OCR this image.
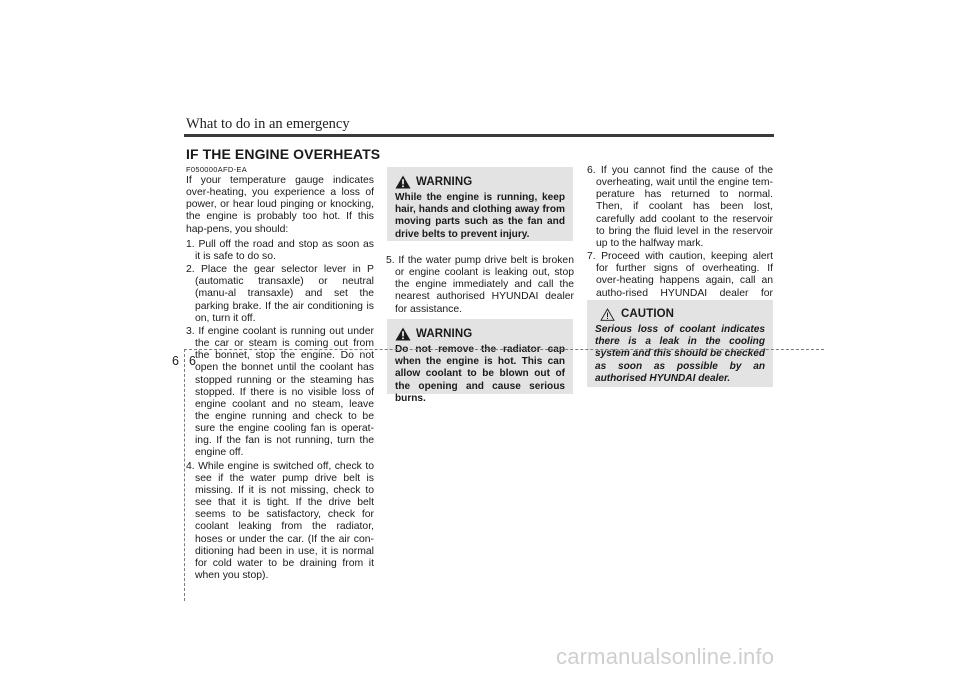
What to do in an emergency
IF THE ENGINE OVERHEATS

F050000AFD-EA

If your temperature gauge indicates over-heating, you experience a loss of power, or hear loud pinging or knocking, the engine is probably too hot. If this hap-pens, you should:

1. Pull off the road and stop as soon as it is safe to do so.
2. Place the gear selector lever in P (automatic transaxle) or neutral (manu-al transaxle) and set the parking brake. If the air conditioning is on, turn it off.
3. If engine coolant is running out under the car or steam is coming out from the bonnet, stop the engine. Do not open the bonnet until the coolant has stopped running or the steaming has stopped. If there is no visible loss of engine coolant and no steam, leave the engine running and check to be sure the engine cooling fan is operat-ing. If the fan is not running, turn the engine off.
4. While engine is switched off, check to see if the water pump drive belt is missing. If it is not missing, check to see that it is tight. If the drive belt seems to be satisfactory, check for coolant leaking from the radiator, hoses or under the car. (If the air con-ditioning had been in use, it is normal for cold water to be draining from it when you stop).
WARNING

While the engine is running, keep hair, hands and clothing away from moving parts such as the fan and drive belts to prevent injury.

5. If the water pump drive belt is broken or engine coolant is leaking out, stop the engine immediately and call the nearest authorised HYUNDAI dealer for assistance.
WARNING

Do not remove the radiator cap when the engine is hot. This can allow coolant to be blown out of the opening and cause serious burns.

6. If you cannot find the cause of the overheating, wait until the engine tem-perature has returned to normal. Then, if coolant has been lost, carefully add coolant to the reservoir to bring the fluid level in the reservoir up to the halfway mark.
7. Proceed with caution, keeping alert for further signs of overheating. If over-heating happens again, call an autho-rised HYUNDAI dealer for
CAUTION

Serious loss of coolant indicates there is a leak in the cooling system and this should be checked as soon as possible by an authorised HYUNDAI dealer.

6 6
carmanualsonline.info
